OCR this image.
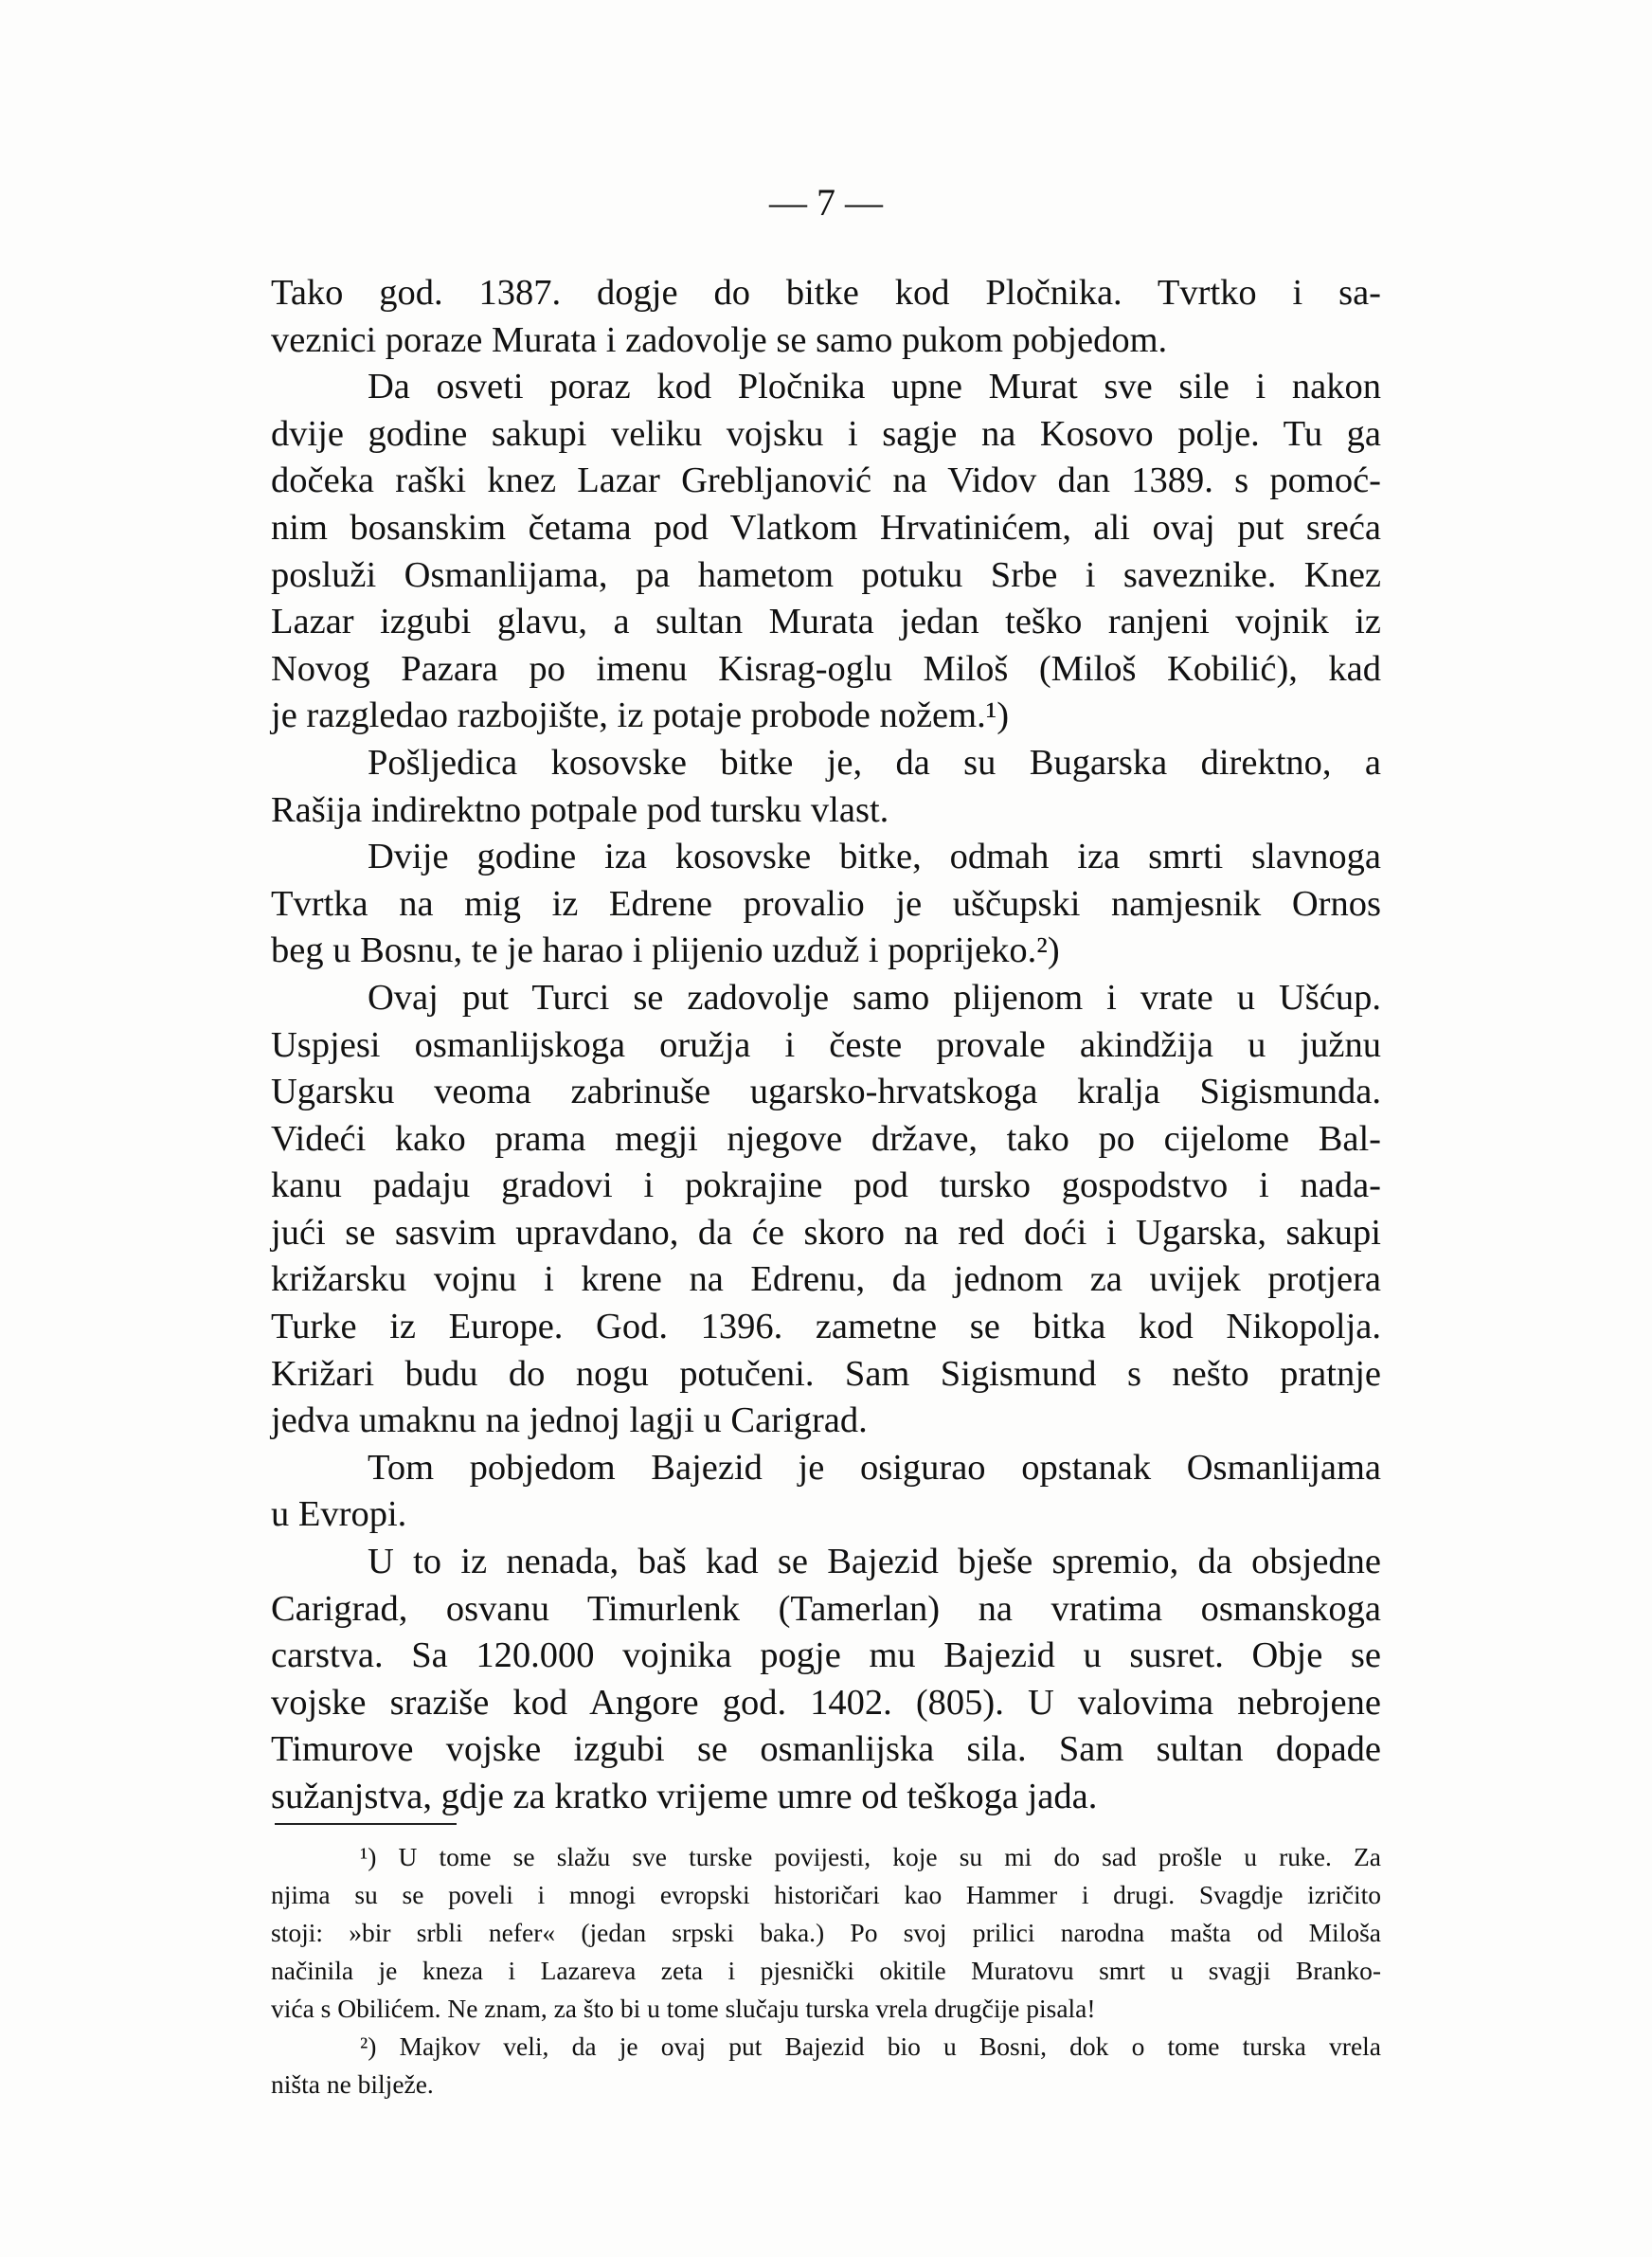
— 7 —
Tako god. 1387. dogje do bitke kod Pločnika. Tvrtko i sa-
veznici poraze Murata i zadovolje se samo pukom pobjedom.
Da osveti poraz kod Pločnika upne Murat sve sile i nakon
dvije godine sakupi veliku vojsku i sagje na Kosovo polje. Tu ga
dočeka raški knez Lazar Grebljanović na Vidov dan 1389. s pomoć-
nim bosanskim četama pod Vlatkom Hrvatinićem, ali ovaj put sreća
posluži Osmanlijama, pa hametom potuku Srbe i saveznike. Knez
Lazar izgubi glavu, a sultan Murata jedan teško ranjeni vojnik iz
Novog Pazara po imenu Kisrag-oglu Miloš (Miloš Kobilić), kad
je razgledao razbojište, iz potaje probode nožem.¹)
Pošljedica kosovske bitke je, da su Bugarska direktno, a
Rašija indirektno potpale pod tursku vlast.
Dvije godine iza kosovske bitke, odmah iza smrti slavnoga
Tvrtka na mig iz Edrene provalio je uščupski namjesnik Ornos
beg u Bosnu, te je harao i plijenio uzduž i poprijeko.²)
Ovaj put Turci se zadovolje samo plijenom i vrate u Ušćup.
Uspjesi osmanlijskoga oružja i česte provale akindžija u južnu
Ugarsku veoma zabrinuše ugarsko-hrvatskoga kralja Sigismunda.
Videći kako prama megji njegove države, tako po cijelome Bal-
kanu padaju gradovi i pokrajine pod tursko gospodstvo i nada-
jući se sasvim upravdano, da će skoro na red doći i Ugarska, sakupi
križarsku vojnu i krene na Edrenu, da jednom za uvijek protjera
Turke iz Europe. God. 1396. zametne se bitka kod Nikopolja.
Križari budu do nogu potučeni. Sam Sigismund s nešto pratnje
jedva umaknu na jednoj lagji u Carigrad.
Tom pobjedom Bajezid je osigurao opstanak Osmanlijama
u Evropi.
U to iz nenada, baš kad se Bajezid bješe spremio, da obsjedne
Carigrad, osvanu Timurlenk (Tamerlan) na vratima osmanskoga
carstva. Sa 120.000 vojnika pogje mu Bajezid u susret. Obje se
vojske srazišе kod Angore god. 1402. (805). U valovima nebrojene
Timurove vojske izgubi se osmanlijska sila. Sam sultan dopade
sužanjstva, gdje za kratko vrijeme umre od teškoga jada.
¹) U tome se slažu sve turske povijesti, koje su mi do sad prošle u ruke. Za
njima su se poveli i mnogi evropski historičari kao Hammer i drugi. Svagdje izričito
stoji: »bir srbli nefer« (jedan srpski baka.) Po svoj prilici narodna mašta od Miloša
načinila je kneza i Lazareva zeta i pjesnički okitile Muratovu smrt u svagji Branko-
vića s Obilićem. Ne znam, za što bi u tome slučaju turska vrela drugčije pisala!
²) Majkov veli, da je ovaj put Bajezid bio u Bosni, dok o tome turska vrela
ništa ne bilježe.
